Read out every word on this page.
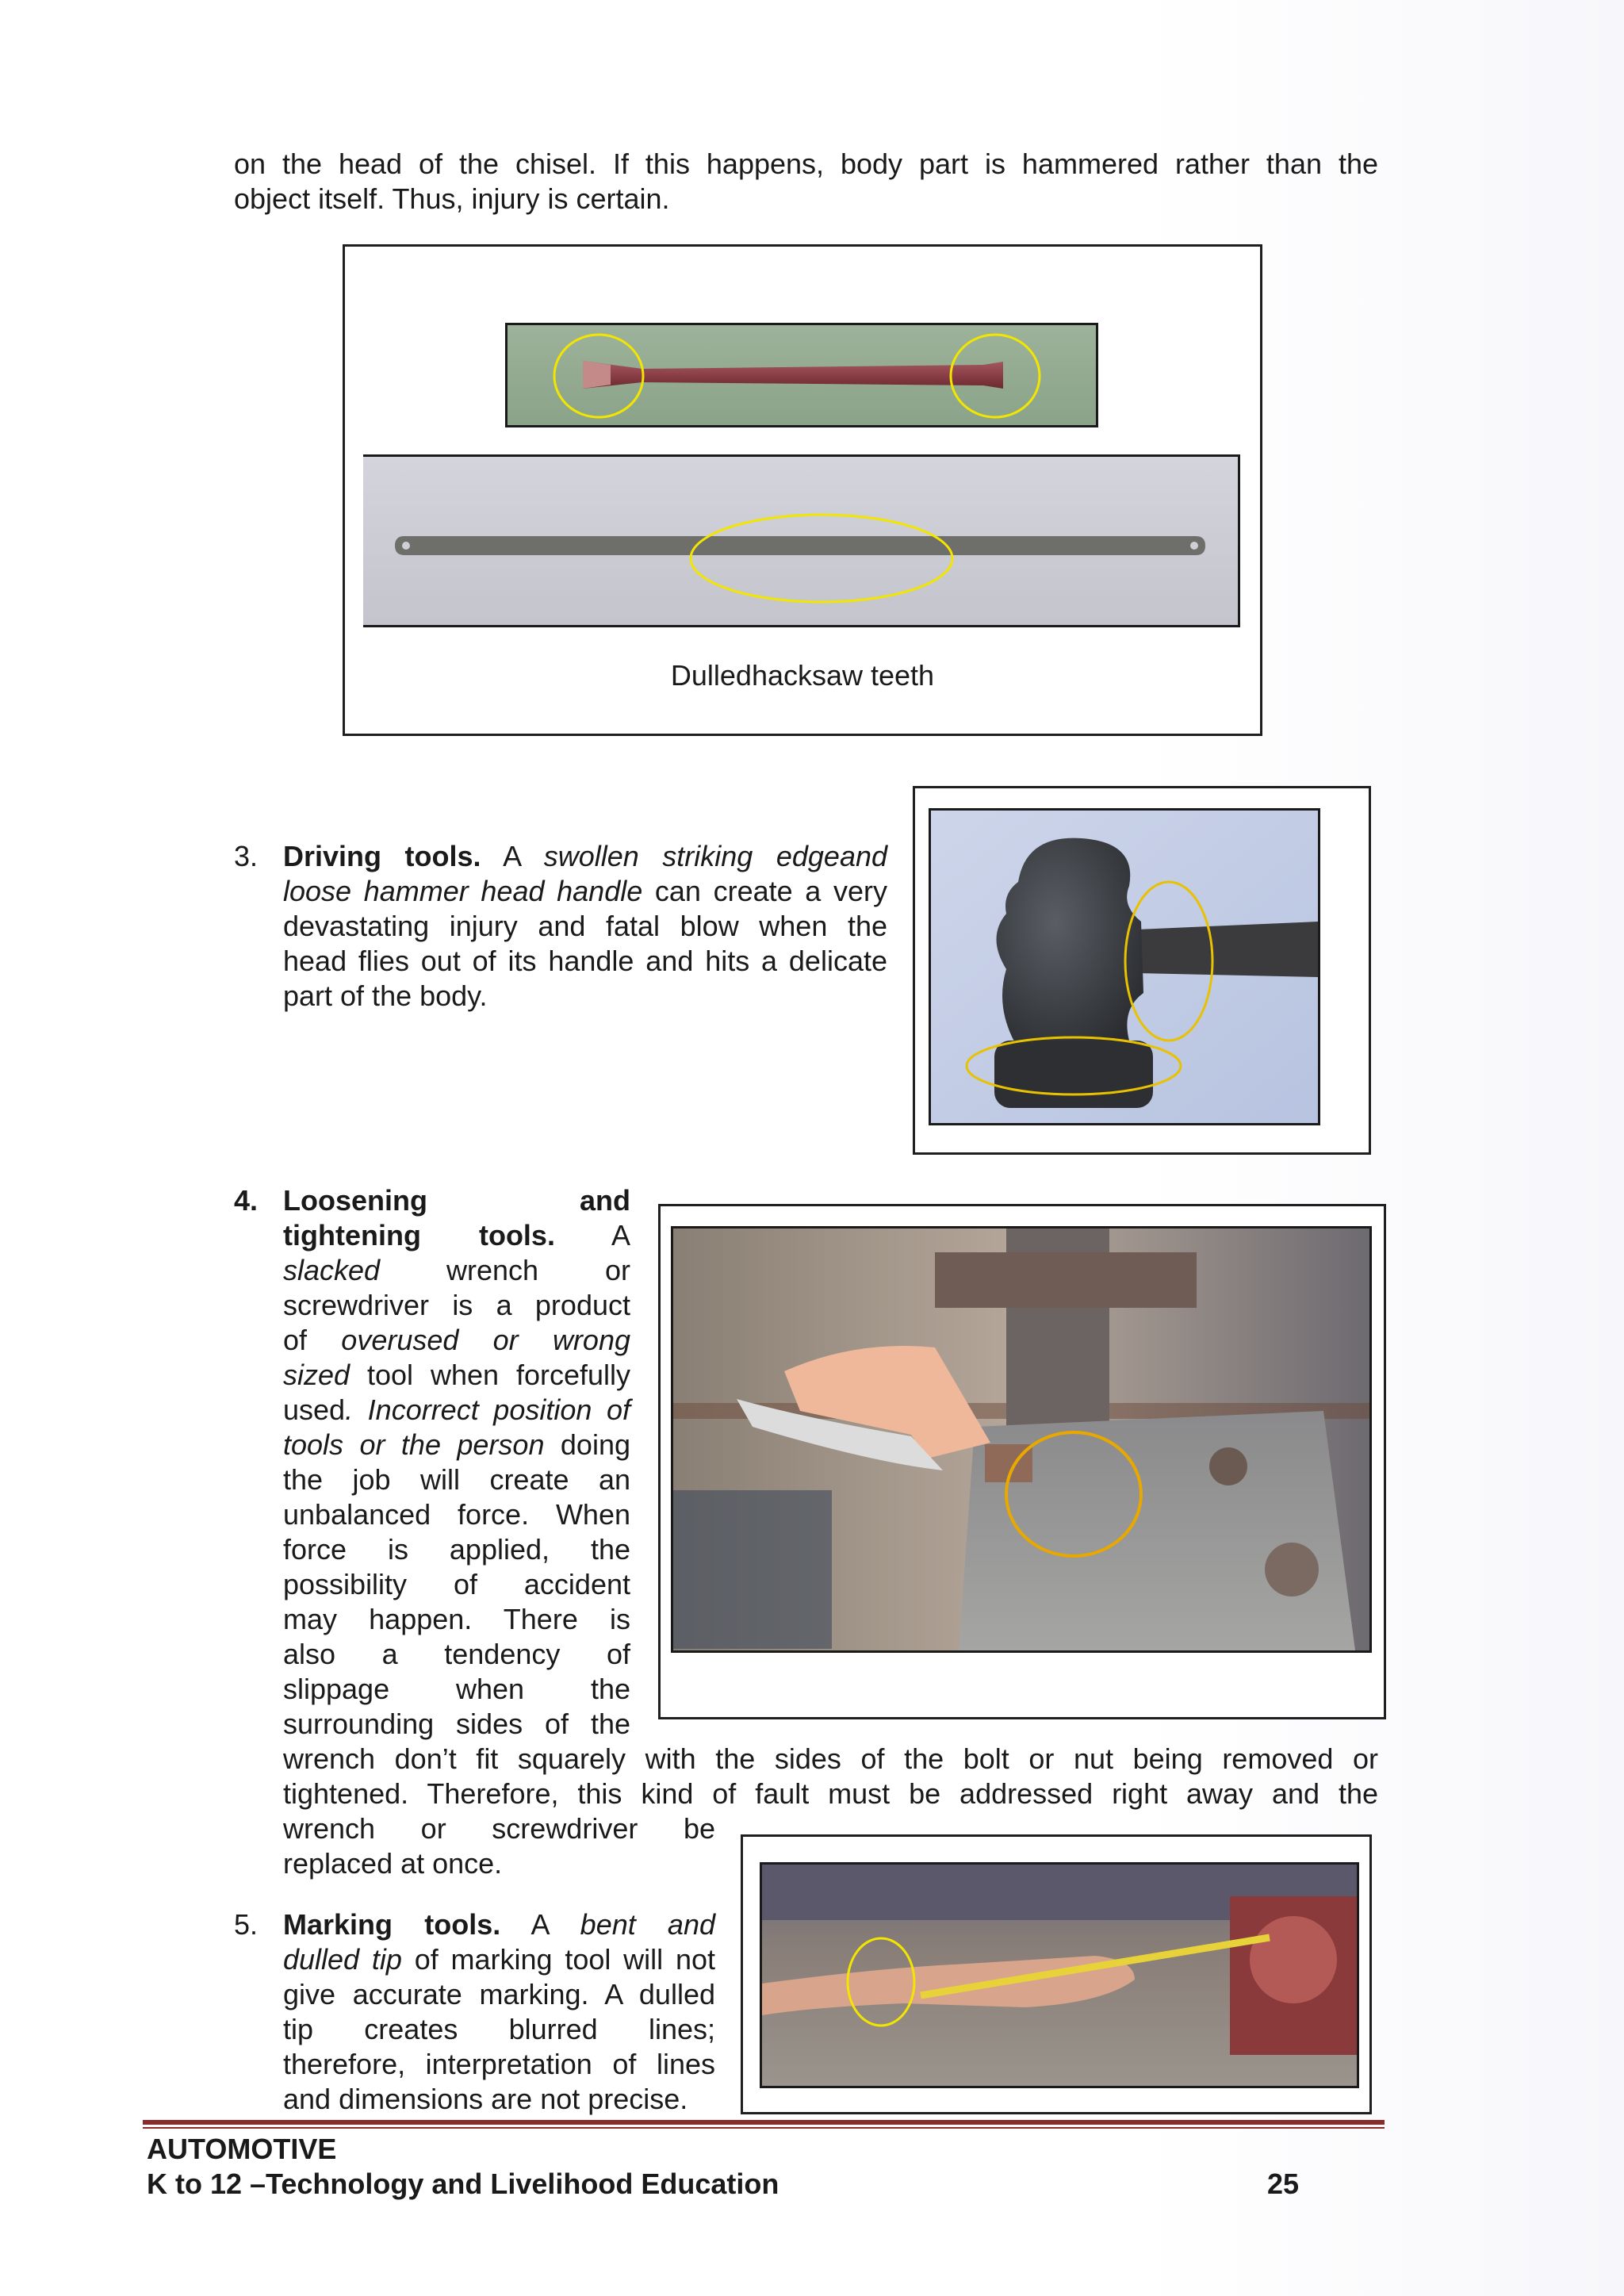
on the head of the chisel. If this happens, body part is hammered rather than the
object itself. Thus, injury is certain.
Dulledhacksaw teeth
3. Driving tools. A swollen striking edgeand
loose hammer head handle can create a very
devastating injury and fatal blow when the
head flies out of its handle and hits a delicate
part of the body.
4. Loosening	and
tightening tools. A
slacked wrench or
screwdriver is a product
of overused or wrong
sized tool when forcefully
used. Incorrect position of
tools or the person doing
the job will create an
unbalanced force. When
force is applied, the
possibility of accident
may happen. There is
also a tendency of
slippage when the
surrounding sides of the
wrench don’t fit squarely with the sides of the bolt or nut being removed or
tightened. Therefore, this kind of fault must be addressed right away and the
wrench or screwdriver be
replaced at once.
5. Marking tools. A bent and
dulled tip of marking tool will not
give accurate marking. A dulled
tip creates blurred lines;
therefore, interpretation of lines
and dimensions are not precise.
AUTOMOTIVE
K to 12 –Technology and Livelihood Education	25
